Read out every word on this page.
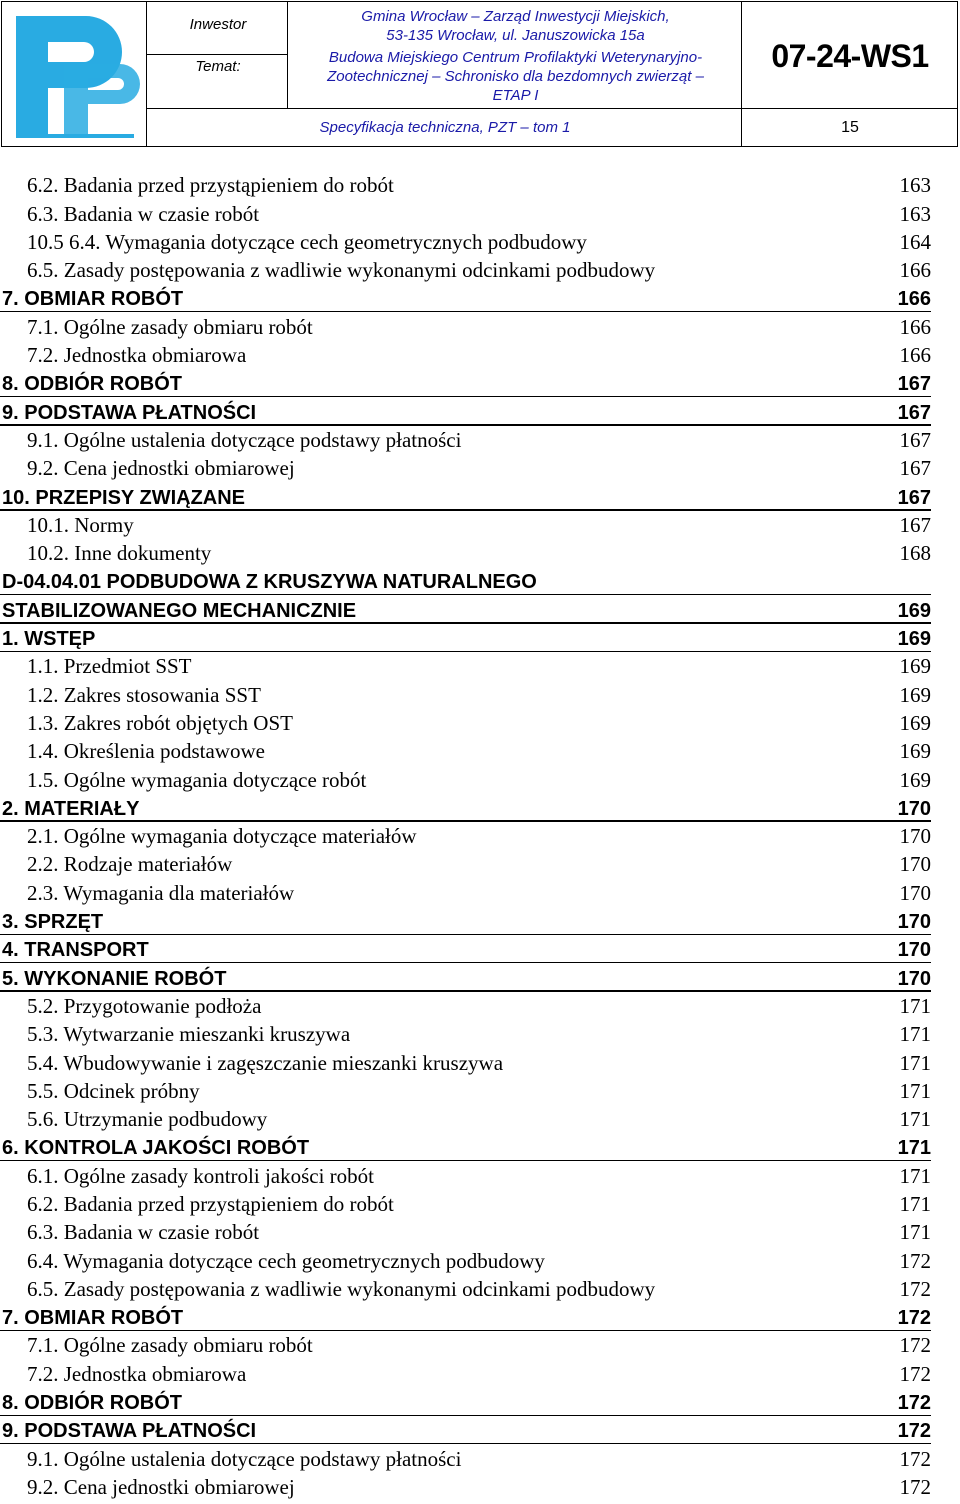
Inwestor
Temat:
Gmina Wrocław – Zarząd Inwestycji Miejskich,
53-135 Wrocław, ul. Januszowicka 15a
Budowa Miejskiego Centrum Profilaktyki Weterynaryjno-
Zootechnicznej – Schronisko dla bezdomnych zwierząt –
ETAP I
07-24-WS1
Specyfikacja techniczna, PZT – tom 1	15
6.2. Badania przed przystąpieniem do robót	163
6.3. Badania w czasie robót	163
10.5 6.4. Wymagania dotyczące cech geometrycznych podbudowy	164
6.5. Zasady postępowania z wadliwie wykonanymi odcinkami podbudowy	166
7. OBMIAR ROBÓT	166
7.1. Ogólne zasady obmiaru robót	166
7.2. Jednostka obmiarowa	166
8. ODBIÓR ROBÓT	167
9. PODSTAWA PŁATNOŚCI	167
9.1. Ogólne ustalenia dotyczące podstawy płatności	167
9.2. Cena jednostki obmiarowej	167
10. PRZEPISY ZWIĄZANE	167
10.1. Normy	167
10.2. Inne dokumenty	168
D-04.04.01 PODBUDOWA Z KRUSZYWA NATURALNEGO
STABILIZOWANEGO MECHANICZNIE	169
1. WSTĘP	169
1.1. Przedmiot SST	169
1.2. Zakres stosowania SST	169
1.3. Zakres robót objętych OST	169
1.4. Określenia podstawowe	169
1.5. Ogólne wymagania dotyczące robót	169
2. MATERIAŁY	170
2.1. Ogólne wymagania dotyczące materiałów	170
2.2. Rodzaje materiałów	170
2.3. Wymagania dla materiałów	170
3. SPRZĘT	170
4. TRANSPORT	170
5. WYKONANIE ROBÓT	170
5.2. Przygotowanie podłoża	171
5.3. Wytwarzanie mieszanki kruszywa	171
5.4. Wbudowywanie i zagęszczanie mieszanki kruszywa	171
5.5. Odcinek próbny	171
5.6. Utrzymanie podbudowy	171
6. KONTROLA JAKOŚCI ROBÓT	171
6.1. Ogólne zasady kontroli jakości robót	171
6.2. Badania przed przystąpieniem do robót	171
6.3. Badania w czasie robót	171
6.4. Wymagania dotyczące cech geometrycznych podbudowy	172
6.5. Zasady postępowania z wadliwie wykonanymi odcinkami podbudowy	172
7. OBMIAR ROBÓT	172
7.1. Ogólne zasady obmiaru robót	172
7.2. Jednostka obmiarowa	172
8. ODBIÓR ROBÓT	172
9. PODSTAWA PŁATNOŚCI	172
9.1. Ogólne ustalenia dotyczące podstawy płatności	172
9.2. Cena jednostki obmiarowej	172
